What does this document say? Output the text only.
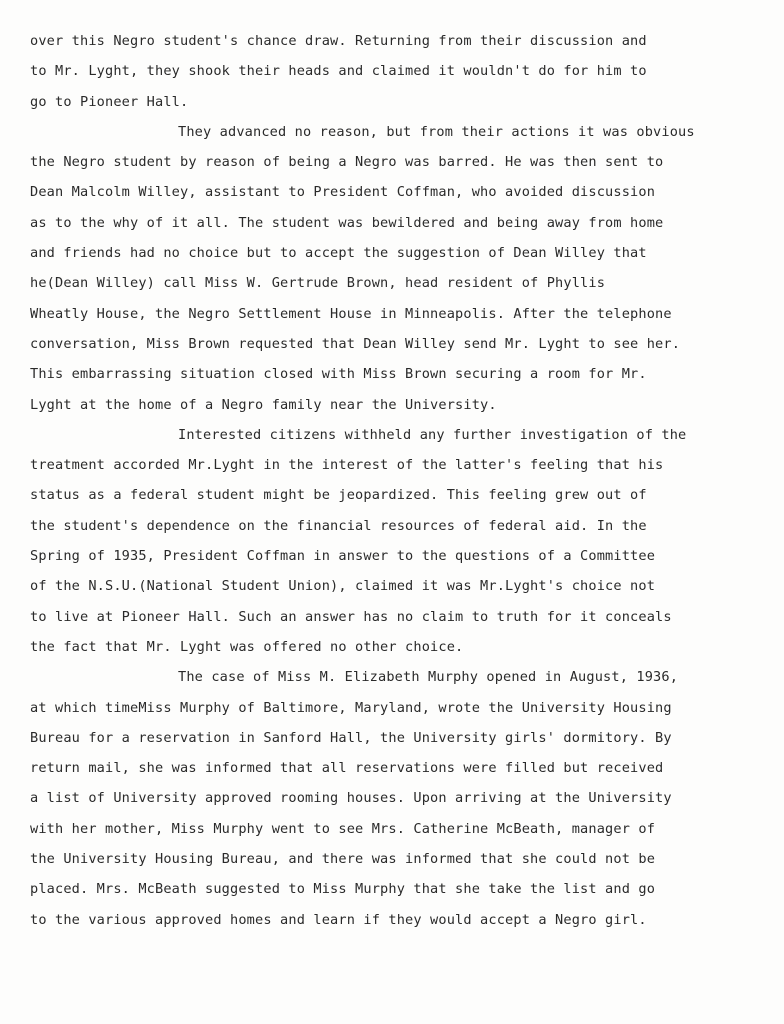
over this Negro student's chance draw. Returning from their discussion and
to Mr. Lyght, they shook their heads and claimed it wouldn't do for him to
go to Pioneer Hall.
They advanced no reason, but from their actions it was obvious
the Negro student by reason of being a Negro was barred. He was then sent to
Dean Malcolm Willey, assistant to President Coffman, who avoided discussion
as to the why of it all. The student was bewildered and being away from home
and friends had no choice but to accept the suggestion of Dean Willey that
he(Dean Willey) call Miss W. Gertrude Brown, head resident of Phyllis
Wheatly House, the Negro Settlement House in Minneapolis. After the telephone
conversation, Miss Brown requested that Dean Willey send Mr. Lyght to see her.
This embarrassing situation closed with Miss Brown securing a room for Mr.
Lyght at the home of a Negro family near the University.
Interested citizens withheld any further investigation of the
treatment accorded Mr.Lyght in the interest of the latter's feeling that his
status as a federal student might be jeopardized. This feeling grew out of
the student's dependence on the financial resources of federal aid. In the
Spring of 1935, President Coffman in answer to the questions of a Committee
of the N.S.U.(National Student Union), claimed it was Mr.Lyght's choice not
to live at Pioneer Hall. Such an answer has no claim to truth for it conceals
the fact that Mr. Lyght was offered no other choice.
The case of Miss M. Elizabeth Murphy opened in August, 1936,
at which timeMiss Murphy of Baltimore, Maryland, wrote the University Housing
Bureau for a reservation in Sanford Hall, the University girls' dormitory. By
return mail, she was informed that all reservations were filled but received
a list of University approved rooming houses. Upon arriving at the University
with her mother, Miss Murphy went to see Mrs. Catherine McBeath, manager of
the University Housing Bureau, and there was informed that she could not be
placed. Mrs. McBeath suggested to Miss Murphy that she take the list and go
to the various approved homes and learn if they would accept a Negro girl.
